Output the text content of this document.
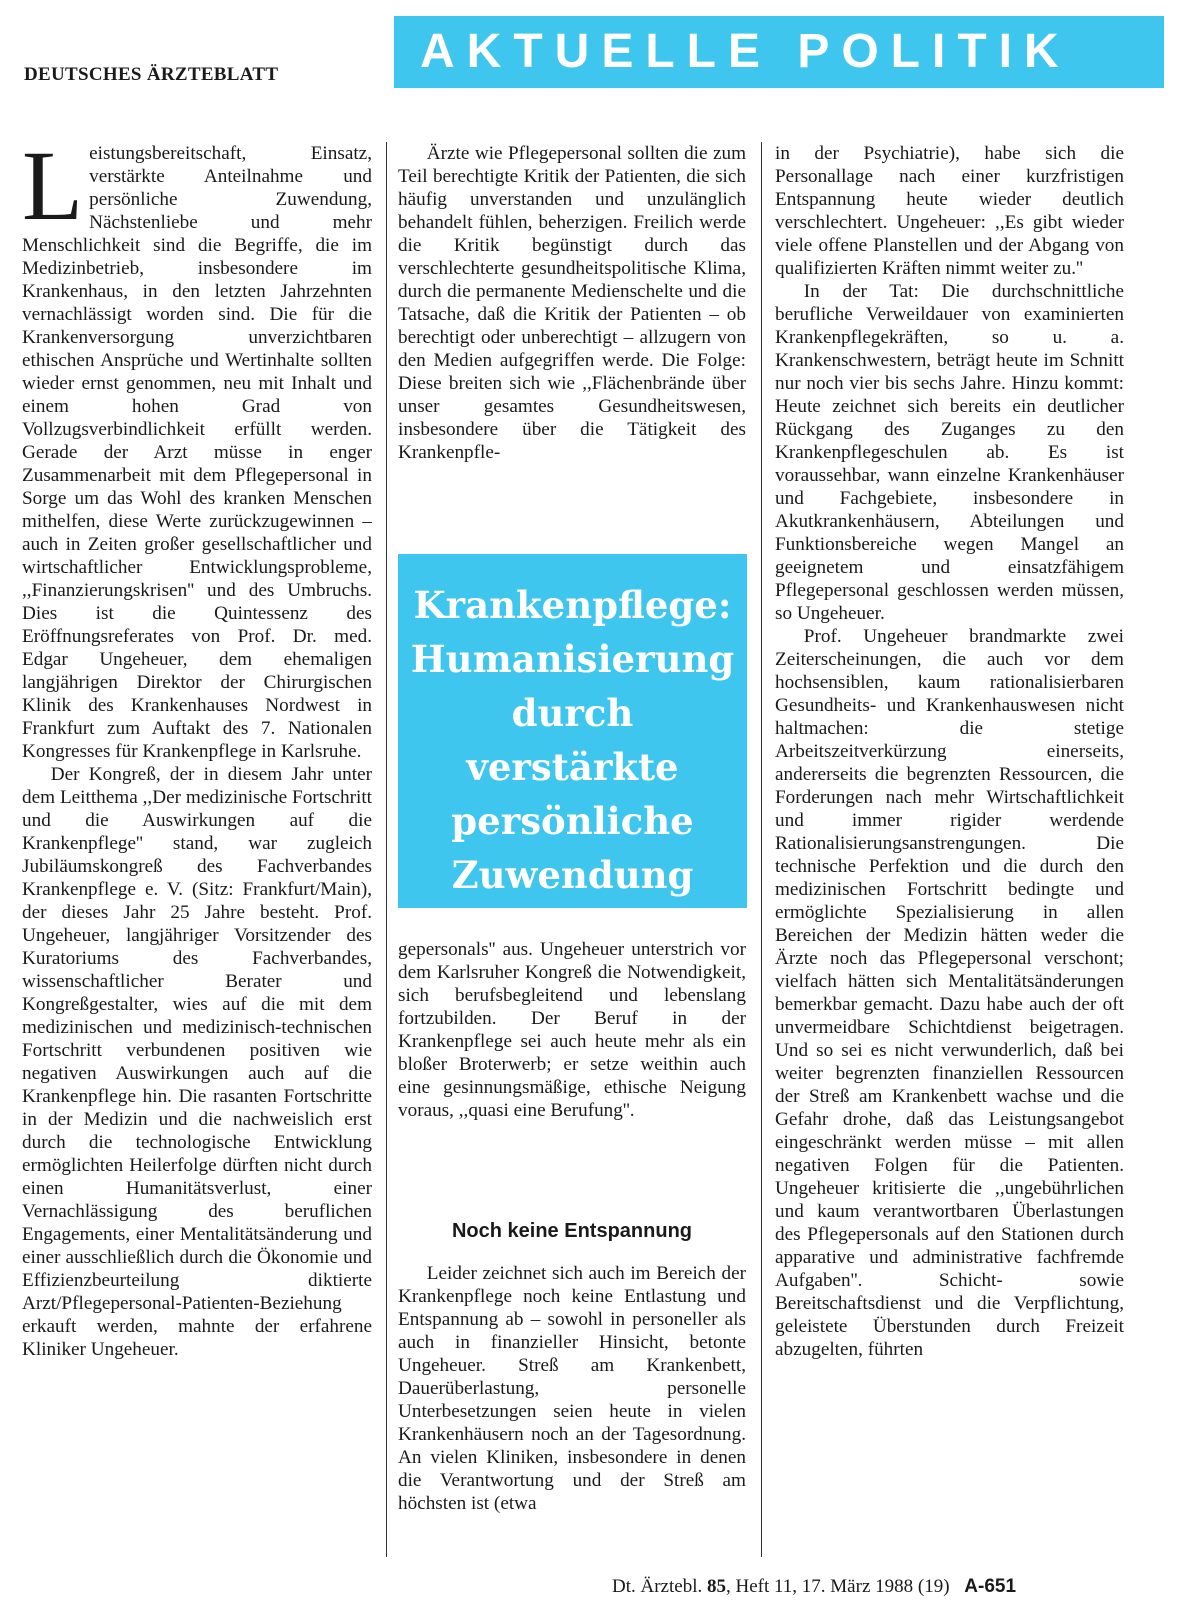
DEUTSCHES ÄRZTEBLATT	AKTUELLE POLITIK

Leistungsbereitschaft, Einsatz, verstärkte Anteilnahme und persönliche Zuwendung, Nächstenliebe und mehr Menschlichkeit sind die Begriffe, die im Medizinbetrieb, insbesondere im Krankenhaus, in den letzten Jahrzehnten vernachlässigt worden sind. Die für die Krankenversorgung unverzichtbaren ethischen Ansprüche und Wertinhalte sollten wieder ernst genommen, neu mit Inhalt und einem hohen Grad von Vollzugsverbindlichkeit erfüllt werden. Gerade der Arzt müsse in enger Zusammenarbeit mit dem Pflegepersonal in Sorge um das Wohl des kranken Menschen mithelfen, diese Werte zurückzugewinnen – auch in Zeiten großer gesellschaftlicher und wirtschaftlicher Entwicklungsprobleme, ,,Finanzierungskrisen'' und des Umbruchs. Dies ist die Quintessenz des Eröffnungsreferates von Prof. Dr. med. Edgar Ungeheuer, dem ehemaligen langjährigen Direktor der Chirurgischen Klinik des Krankenhauses Nordwest in Frankfurt zum Auftakt des 7. Nationalen Kongresses für Krankenpflege in Karlsruhe.

Der Kongreß, der in diesem Jahr unter dem Leitthema ,,Der medizinische Fortschritt und die Auswirkungen auf die Krankenpflege'' stand, war zugleich Jubiläumskongreß des Fachverbandes Krankenpflege e. V. (Sitz: Frankfurt/Main), der dieses Jahr 25 Jahre besteht. Prof. Ungeheuer, langjähriger Vorsitzender des Kuratoriums des Fachverbandes, wissenschaftlicher Berater und Kongreßgestalter, wies auf die mit dem medizinischen und medizinisch-technischen Fortschritt verbundenen positiven wie negativen Auswirkungen auch auf die Krankenpflege hin. Die rasanten Fortschritte in der Medizin und die nachweislich erst durch die technologische Entwicklung ermöglichten Heilerfolge dürften nicht durch einen Humanitätsverlust, einer Vernachlässigung des beruflichen Engagements, einer Mentalitätsänderung und einer ausschließlich durch die Ökonomie und Effizienzbeurteilung diktierte Arzt/Pflegepersonal-Patienten-Beziehung erkauft werden, mahnte der erfahrene Kliniker Ungeheuer.

Ärzte wie Pflegepersonal sollten die zum Teil berechtigte Kritik der Patienten, die sich häufig unverstanden und unzulänglich behandelt fühlen, beherzigen. Freilich werde die Kritik begünstigt durch das verschlechterte gesundheitspolitische Klima, durch die permanente Medienschelte und die Tatsache, daß die Kritik der Patienten – ob berechtigt oder unberechtigt – allzugern von den Medien aufgegriffen werde. Die Folge: Diese breiten sich wie ,,Flächenbrände über unser gesamtes Gesundheitswesen, insbesondere über die Tätigkeit des Krankenpfle-

Krankenpflege:
Humanisierung
durch
verstärkte
persönliche
Zuwendung

gepersonals'' aus. Ungeheuer unterstrich vor dem Karlsruher Kongreß die Notwendigkeit, sich berufsbegleitend und lebenslang fortzubilden. Der Beruf in der Krankenpflege sei auch heute mehr als ein bloßer Broterwerb; er setze weithin auch eine gesinnungsmäßige, ethische Neigung voraus, ,,quasi eine Berufung''.

Noch keine Entspannung

Leider zeichnet sich auch im Bereich der Krankenpflege noch keine Entlastung und Entspannung ab – sowohl in personeller als auch in finanzieller Hinsicht, betonte Ungeheuer. Streß am Krankenbett, Dauerüberlastung, personelle Unterbesetzungen seien heute in vielen Krankenhäusern noch an der Tagesordnung. An vielen Kliniken, insbesondere in denen die Verantwortung und der Streß am höchsten ist (etwa

in der Psychiatrie), habe sich die Personallage nach einer kurzfristigen Entspannung heute wieder deutlich verschlechtert. Ungeheuer: ,,Es gibt wieder viele offene Planstellen und der Abgang von qualifizierten Kräften nimmt weiter zu.''

In der Tat: Die durchschnittliche berufliche Verweildauer von examinierten Krankenpflegekräften, so u. a. Krankenschwestern, beträgt heute im Schnitt nur noch vier bis sechs Jahre. Hinzu kommt: Heute zeichnet sich bereits ein deutlicher Rückgang des Zuganges zu den Krankenpflegeschulen ab. Es ist voraussehbar, wann einzelne Krankenhäuser und Fachgebiete, insbesondere in Akutkrankenhäusern, Abteilungen und Funktionsbereiche wegen Mangel an geeignetem und einsatzfähigem Pflegepersonal geschlossen werden müssen, so Ungeheuer.

Prof. Ungeheuer brandmarkte zwei Zeiterscheinungen, die auch vor dem hochsensiblen, kaum rationalisierbaren Gesundheits- und Krankenhauswesen nicht haltmachen: die stetige Arbeitszeitverkürzung einerseits, andererseits die begrenzten Ressourcen, die Forderungen nach mehr Wirtschaftlichkeit und immer rigider werdende Rationalisierungsanstrengungen. Die technische Perfektion und die durch den medizinischen Fortschritt bedingte und ermöglichte Spezialisierung in allen Bereichen der Medizin hätten weder die Ärzte noch das Pflegepersonal verschont; vielfach hätten sich Mentalitätsänderungen bemerkbar gemacht. Dazu habe auch der oft unvermeidbare Schichtdienst beigetragen. Und so sei es nicht verwunderlich, daß bei weiter begrenzten finanziellen Ressourcen der Streß am Krankenbett wachse und die Gefahr drohe, daß das Leistungsangebot eingeschränkt werden müsse – mit allen negativen Folgen für die Patienten. Ungeheuer kritisierte die ,,ungebührlichen und kaum verantwortbaren Überlastungen des Pflegepersonals auf den Stationen durch apparative und administrative fachfremde Aufgaben''. Schicht- sowie Bereitschaftsdienst und die Verpflichtung, geleistete Überstunden durch Freizeit abzugelten, führten

Dt. Ärztebl. 85, Heft 11, 17. März 1988 (19) A-651
